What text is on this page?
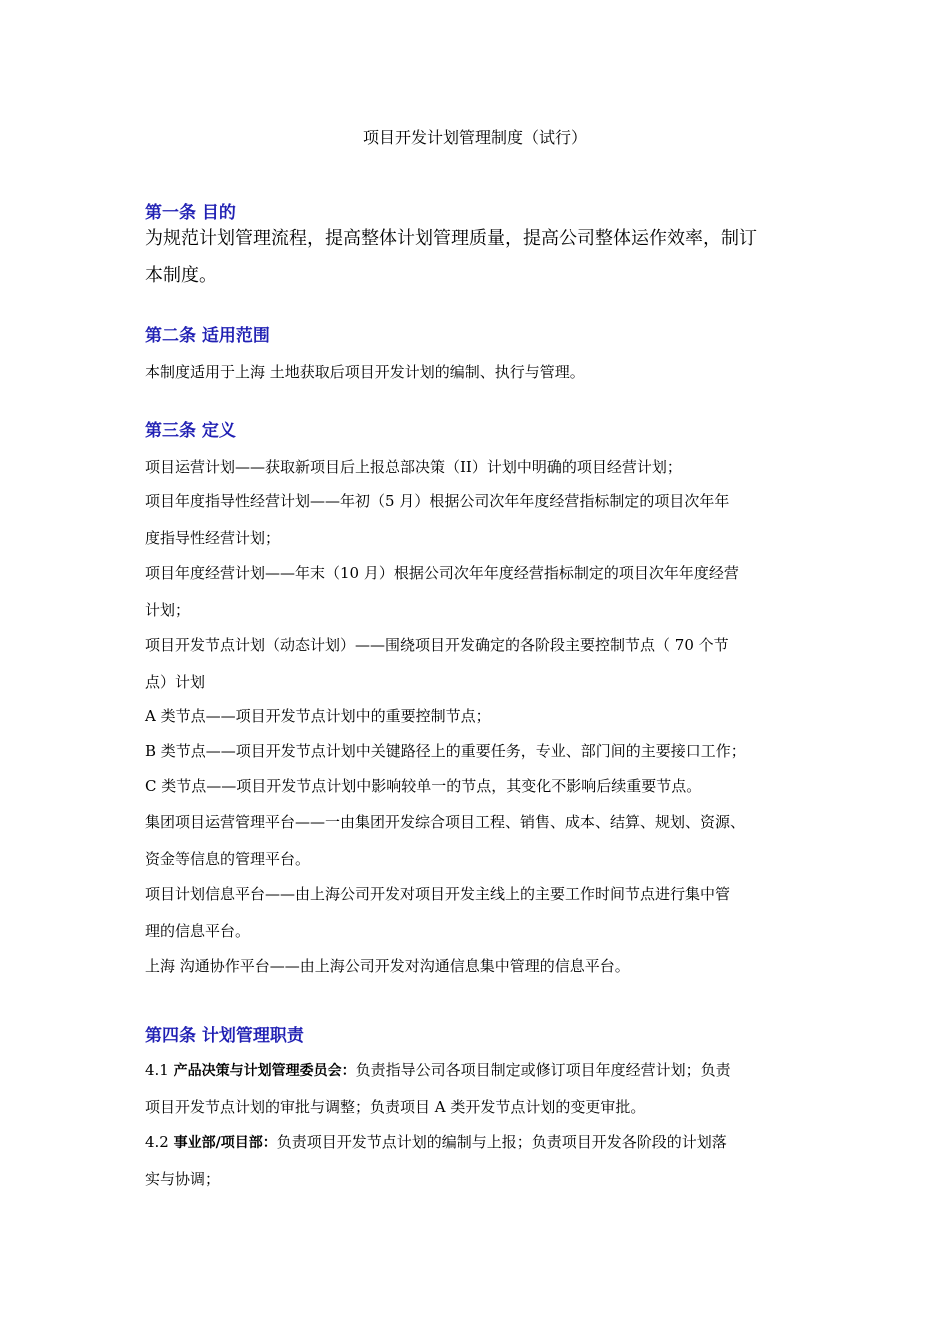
项目开发计划管理制度（试行）
第一条 目的
为规范计划管理流程，提高整体计划管理质量，提高公司整体运作效率，制订
本制度。
第二条 适用范围
本制度适用于上海 土地获取后项目开发计划的编制、执行与管理。
第三条 定义
项目运营计划——获取新项目后上报总部决策（II）计划中明确的项目经营计划；
项目年度指导性经营计划——年初（5 月）根据公司次年年度经营指标制定的项目次年年
度指导性经营计划；
项目年度经营计划——年末（10 月）根据公司次年年度经营指标制定的项目次年年度经营
计划；
项目开发节点计划（动态计划）——围绕项目开发确定的各阶段主要控制节点（ 70 个节
点）计划
A 类节点——项目开发节点计划中的重要控制节点；
B 类节点——项目开发节点计划中关键路径上的重要任务，专业、部门间的主要接口工作；
C 类节点——项目开发节点计划中影响较单一的节点，其变化不影响后续重要节点。
集团项目运营管理平台——一由集团开发综合项目工程、销售、成本、结算、规划、资源、
资金等信息的管理平台。
项目计划信息平台——由上海公司开发对项目开发主线上的主要工作时间节点进行集中管
理的信息平台。
上海 沟通协作平台——由上海公司开发对沟通信息集中管理的信息平台。
第四条 计划管理职责
4.1 产品决策与计划管理委员会：负责指导公司各项目制定或修订项目年度经营计划；负责
项目开发节点计划的审批与调整；负责项目 A 类开发节点计划的变更审批。
4.2 事业部/项目部：负责项目开发节点计划的编制与上报；负责项目开发各阶段的计划落
实与协调；
